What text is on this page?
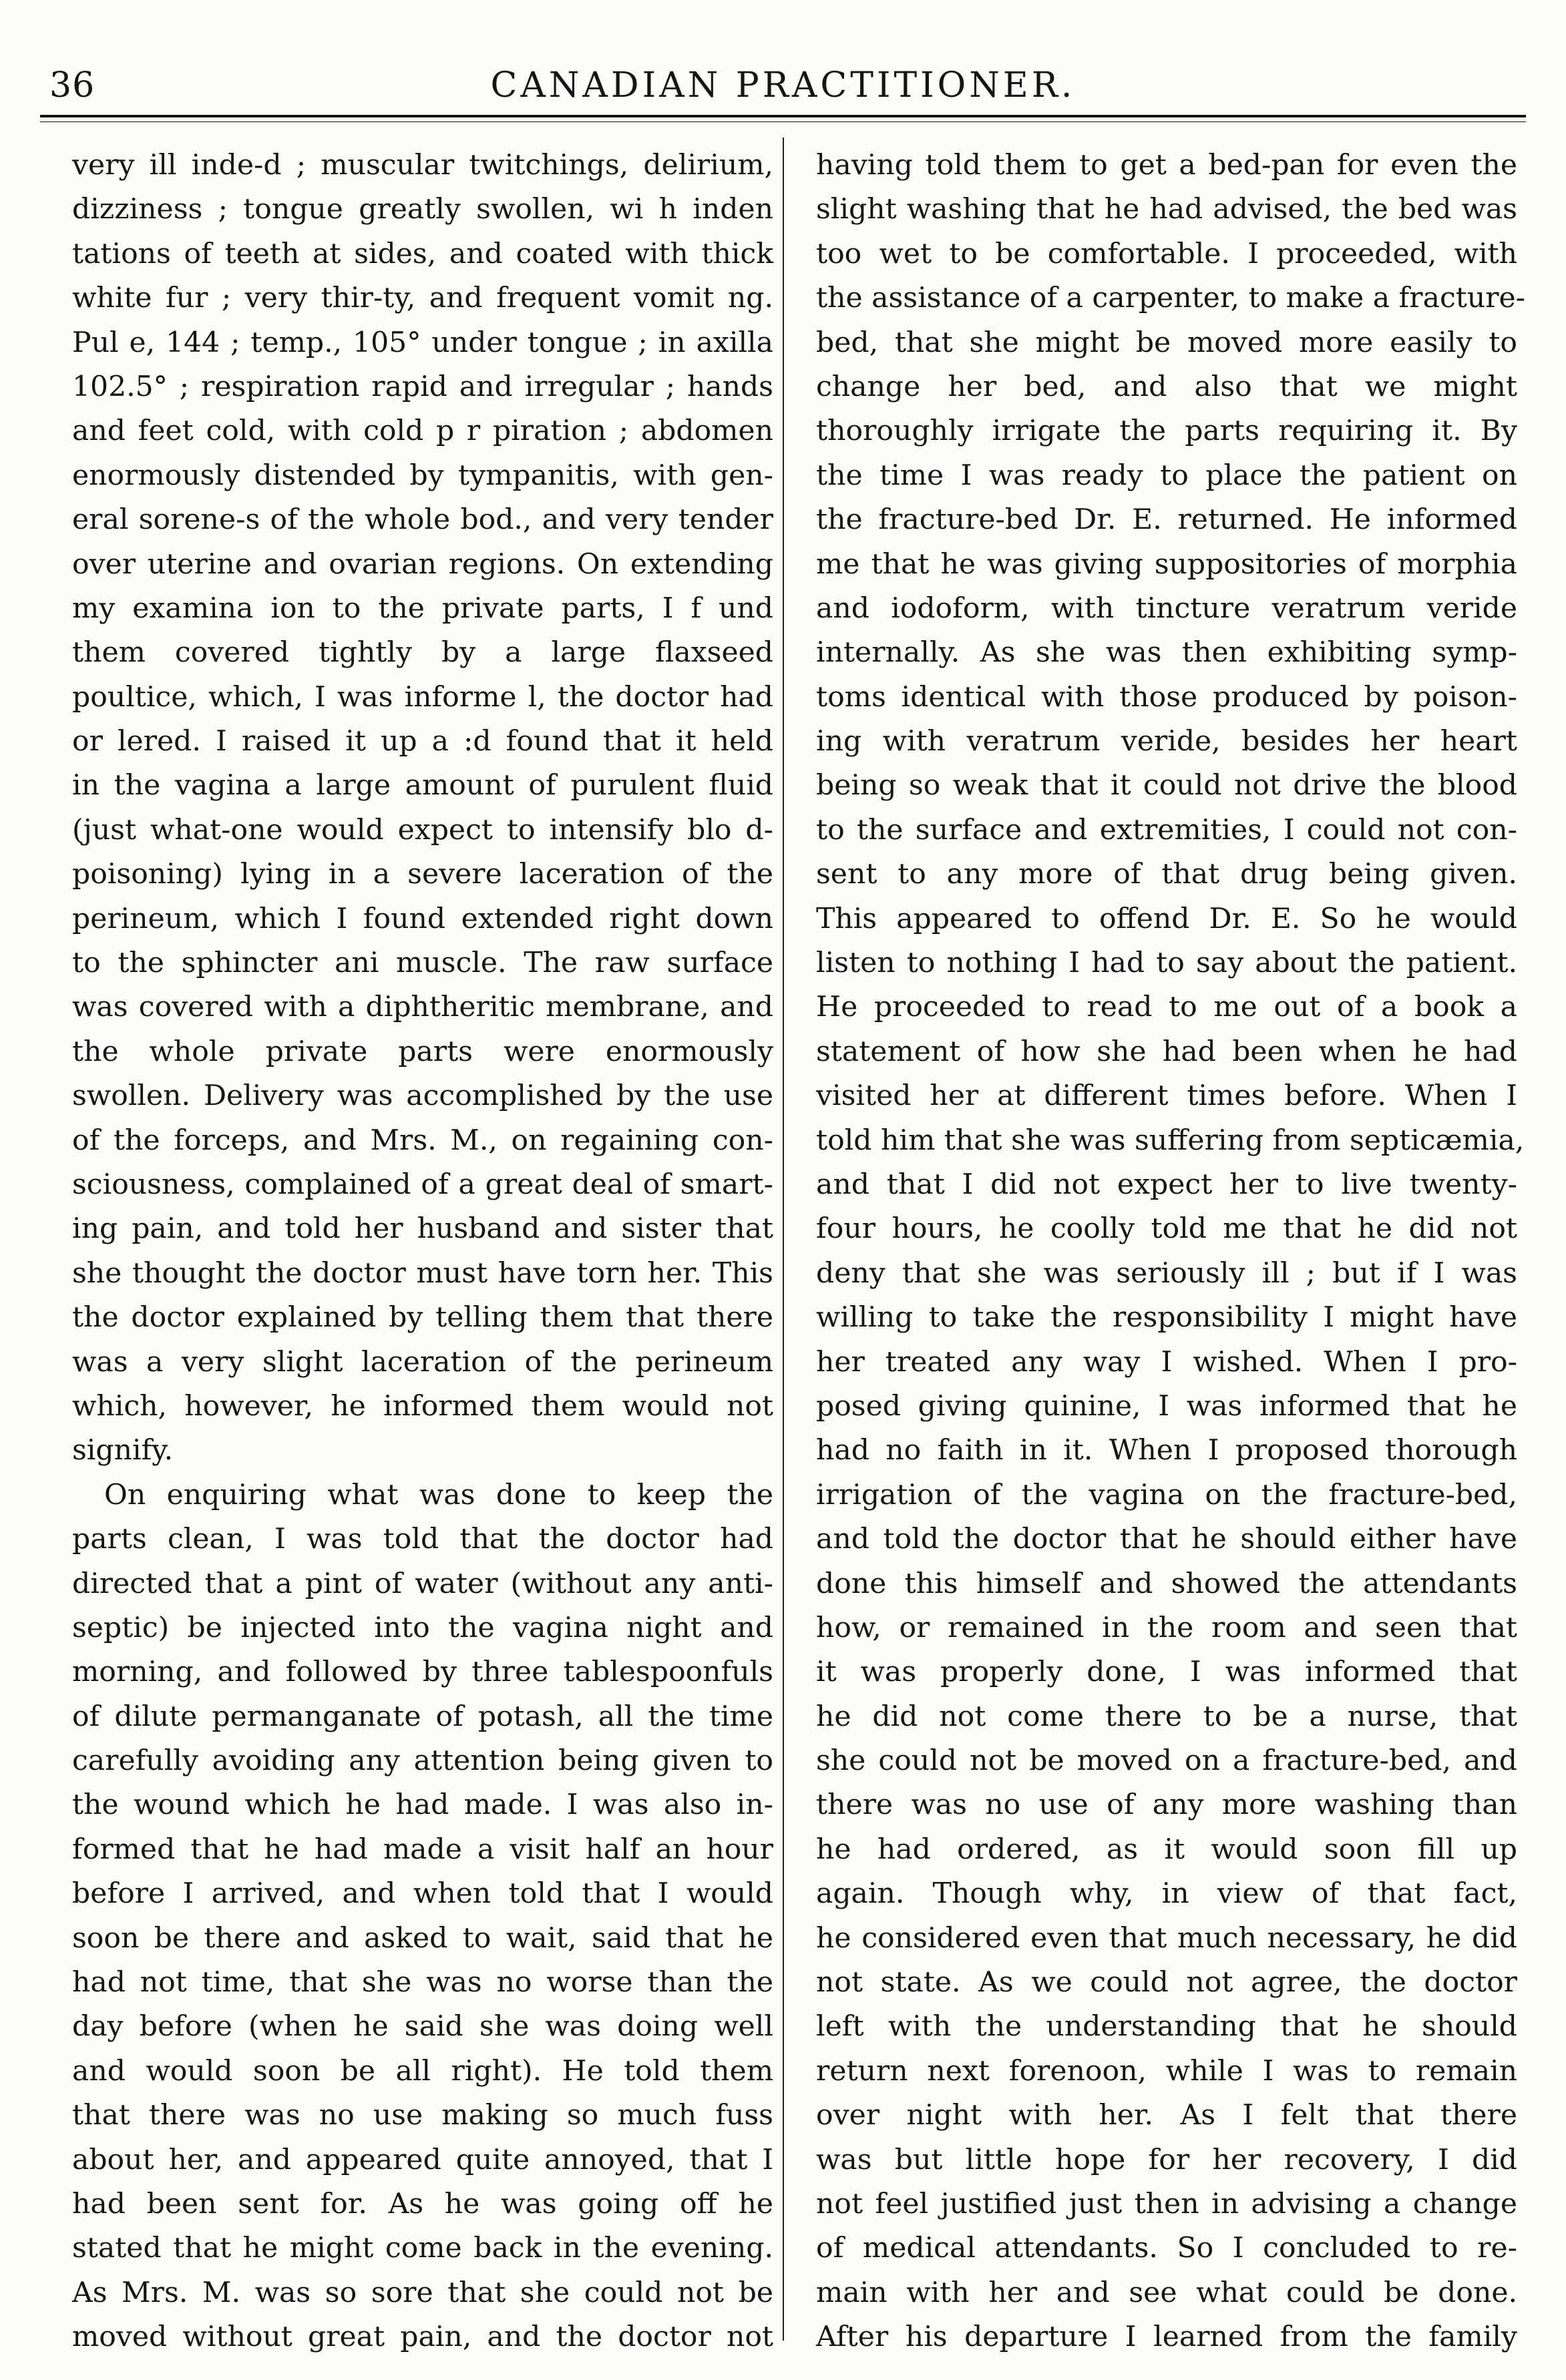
36	CANADIAN PRACTITIONER.
very ill inde-d ; muscular twitchings, delirium,
dizziness ; tongue greatly swollen, wi h inden
tations of teeth at sides, and coated with thick
white fur ; very thir-ty, and frequent vomit ng.
Pul e, 144 ; temp., 105° under tongue ; in axilla
102.5° ; respiration rapid and irregular ; hands
and feet cold, with cold p r piration ; abdomen
enormously distended by tympanitis, with gen-
eral sorene-s of the whole bod., and very tender
over uterine and ovarian regions. On extending
my examina ion to the private parts, I f und
them covered tightly by a large flaxseed
poultice, which, I was informe l, the doctor had
or lered. I raised it up a :d found that it held
in the vagina a large amount of purulent fluid
(just what-one would expect to intensify blo d-
poisoning) lying in a severe laceration of the
perineum, which I found extended right down
to the sphincter ani muscle. The raw surface
was covered with a diphtheritic membrane, and
the whole private parts were enormously
swollen. Delivery was accomplished by the use
of the forceps, and Mrs. M., on regaining con-
sciousness, complained of a great deal of smart-
ing pain, and told her husband and sister that
she thought the doctor must have torn her. This
the doctor explained by telling them that there
was a very slight laceration of the perineum
which, however, he informed them would not
signify.
On enquiring what was done to keep the
parts clean, I was told that the doctor had
directed that a pint of water (without any anti-
septic) be injected into the vagina night and
morning, and followed by three tablespoonfuls
of dilute permanganate of potash, all the time
carefully avoiding any attention being given to
the wound which he had made. I was also in-
formed that he had made a visit half an hour
before I arrived, and when told that I would
soon be there and asked to wait, said that he
had not time, that she was no worse than the
day before (when he said she was doing well
and would soon be all right). He told them
that there was no use making so much fuss
about her, and appeared quite annoyed, that I
had been sent for. As he was going off he
stated that he might come back in the evening.
As Mrs. M. was so sore that she could not be
moved without great pain, and the doctor not
having told them to get a bed-pan for even the
slight washing that he had advised, the bed was
too wet to be comfortable. I proceeded, with
the assistance of a carpenter, to make a fracture-
bed, that she might be moved more easily to
change her bed, and also that we might
thoroughly irrigate the parts requiring it. By
the time I was ready to place the patient on
the fracture-bed Dr. E. returned. He informed
me that he was giving suppositories of morphia
and iodoform, with tincture veratrum veride
internally. As she was then exhibiting symp-
toms identical with those produced by poison-
ing with veratrum veride, besides her heart
being so weak that it could not drive the blood
to the surface and extremities, I could not con-
sent to any more of that drug being given.
This appeared to offend Dr. E. So he would
listen to nothing I had to say about the patient.
He proceeded to read to me out of a book a
statement of how she had been when he had
visited her at different times before. When I
told him that she was suffering from septicæmia,
and that I did not expect her to live twenty-
four hours, he coolly told me that he did not
deny that she was seriously ill ; but if I was
willing to take the responsibility I might have
her treated any way I wished. When I pro-
posed giving quinine, I was informed that he
had no faith in it. When I proposed thorough
irrigation of the vagina on the fracture-bed,
and told the doctor that he should either have
done this himself and showed the attendants
how, or remained in the room and seen that
it was properly done, I was informed that
he did not come there to be a nurse, that
she could not be moved on a fracture-bed, and
there was no use of any more washing than
he had ordered, as it would soon fill up
again. Though why, in view of that fact,
he considered even that much necessary, he did
not state. As we could not agree, the doctor
left with the understanding that he should
return next forenoon, while I was to remain
over night with her. As I felt that there
was but little hope for her recovery, I did
not feel justified just then in advising a change
of medical attendants. So I concluded to re-
main with her and see what could be done.
After his departure I learned from the family
